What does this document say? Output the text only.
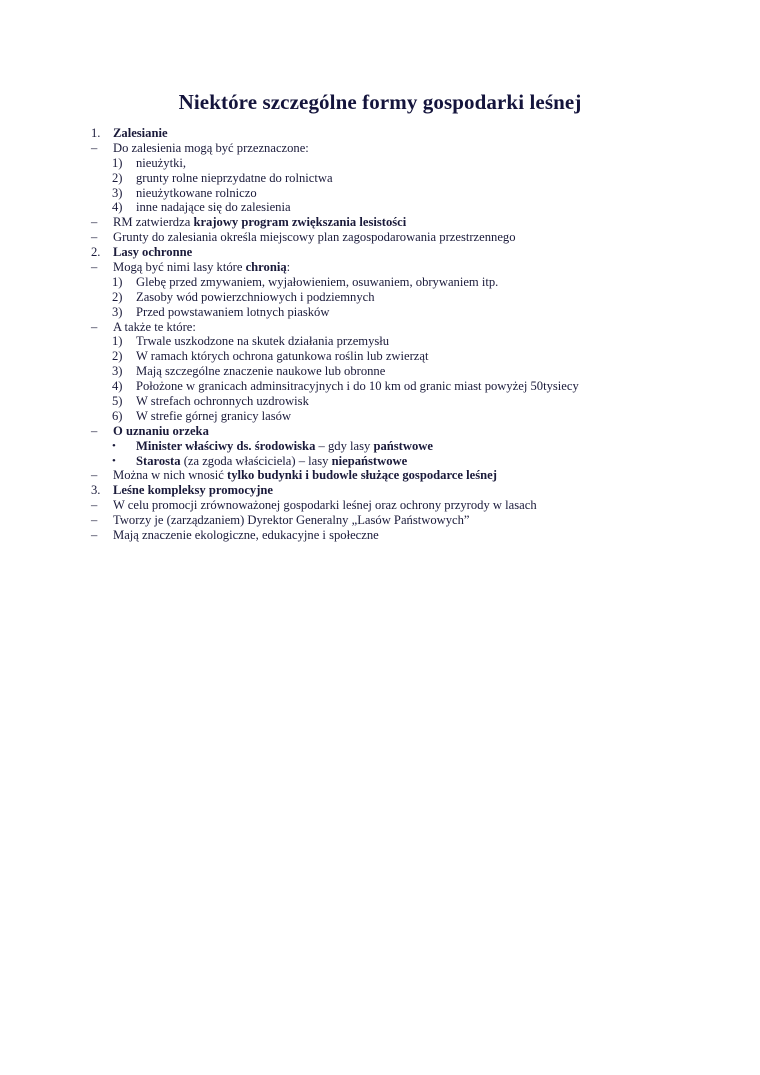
Niektóre szczególne formy gospodarki leśnej
1. Zalesianie
– Do zalesienia mogą być przeznaczone:
1) nieużytki,
2) grunty rolne nieprzydatne do rolnictwa
3) nieużytkowane rolniczo
4) inne nadające się do zalesienia
– RM zatwierdza krajowy program zwiększania lesistości
– Grunty do zalesiania określa miejscowy plan zagospodarowania przestrzennego
2. Lasy ochronne
– Mogą być nimi lasy które chronią:
1) Glebę przed zmywaniem, wyjałowieniem, osuwaniem, obrywaniem itp.
2) Zasoby wód powierzchniowych i podziemnych
3) Przed powstawaniem lotnych piasków
– A także te które:
1) Trwale uszkodzone na skutek działania przemysłu
2) W ramach których ochrona gatunkowa roślin lub zwierząt
3) Mają szczególne znaczenie naukowe lub obronne
4) Położone w granicach adminsitracyjnych i do 10 km od granic miast powyżej 50tysiecy
5) W strefach ochronnych uzdrowisk
6) W strefie górnej granicy lasów
– O uznaniu orzeka
• Minister właściwy ds. środowiska – gdy lasy państwowe
• Starosta (za zgoda właściciela) – lasy niepaństwowe
– Można w nich wnosić tylko budynki i budowle służące gospodarce leśnej
3. Leśne kompleksy promocyjne
– W celu promocji zrównoważonej gospodarki leśnej oraz ochrony przyrody w lasach
– Tworzy je (zarządzaniem) Dyrektor Generalny „Lasów Państwowych”
– Mają znaczenie ekologiczne, edukacyjne i społeczne
